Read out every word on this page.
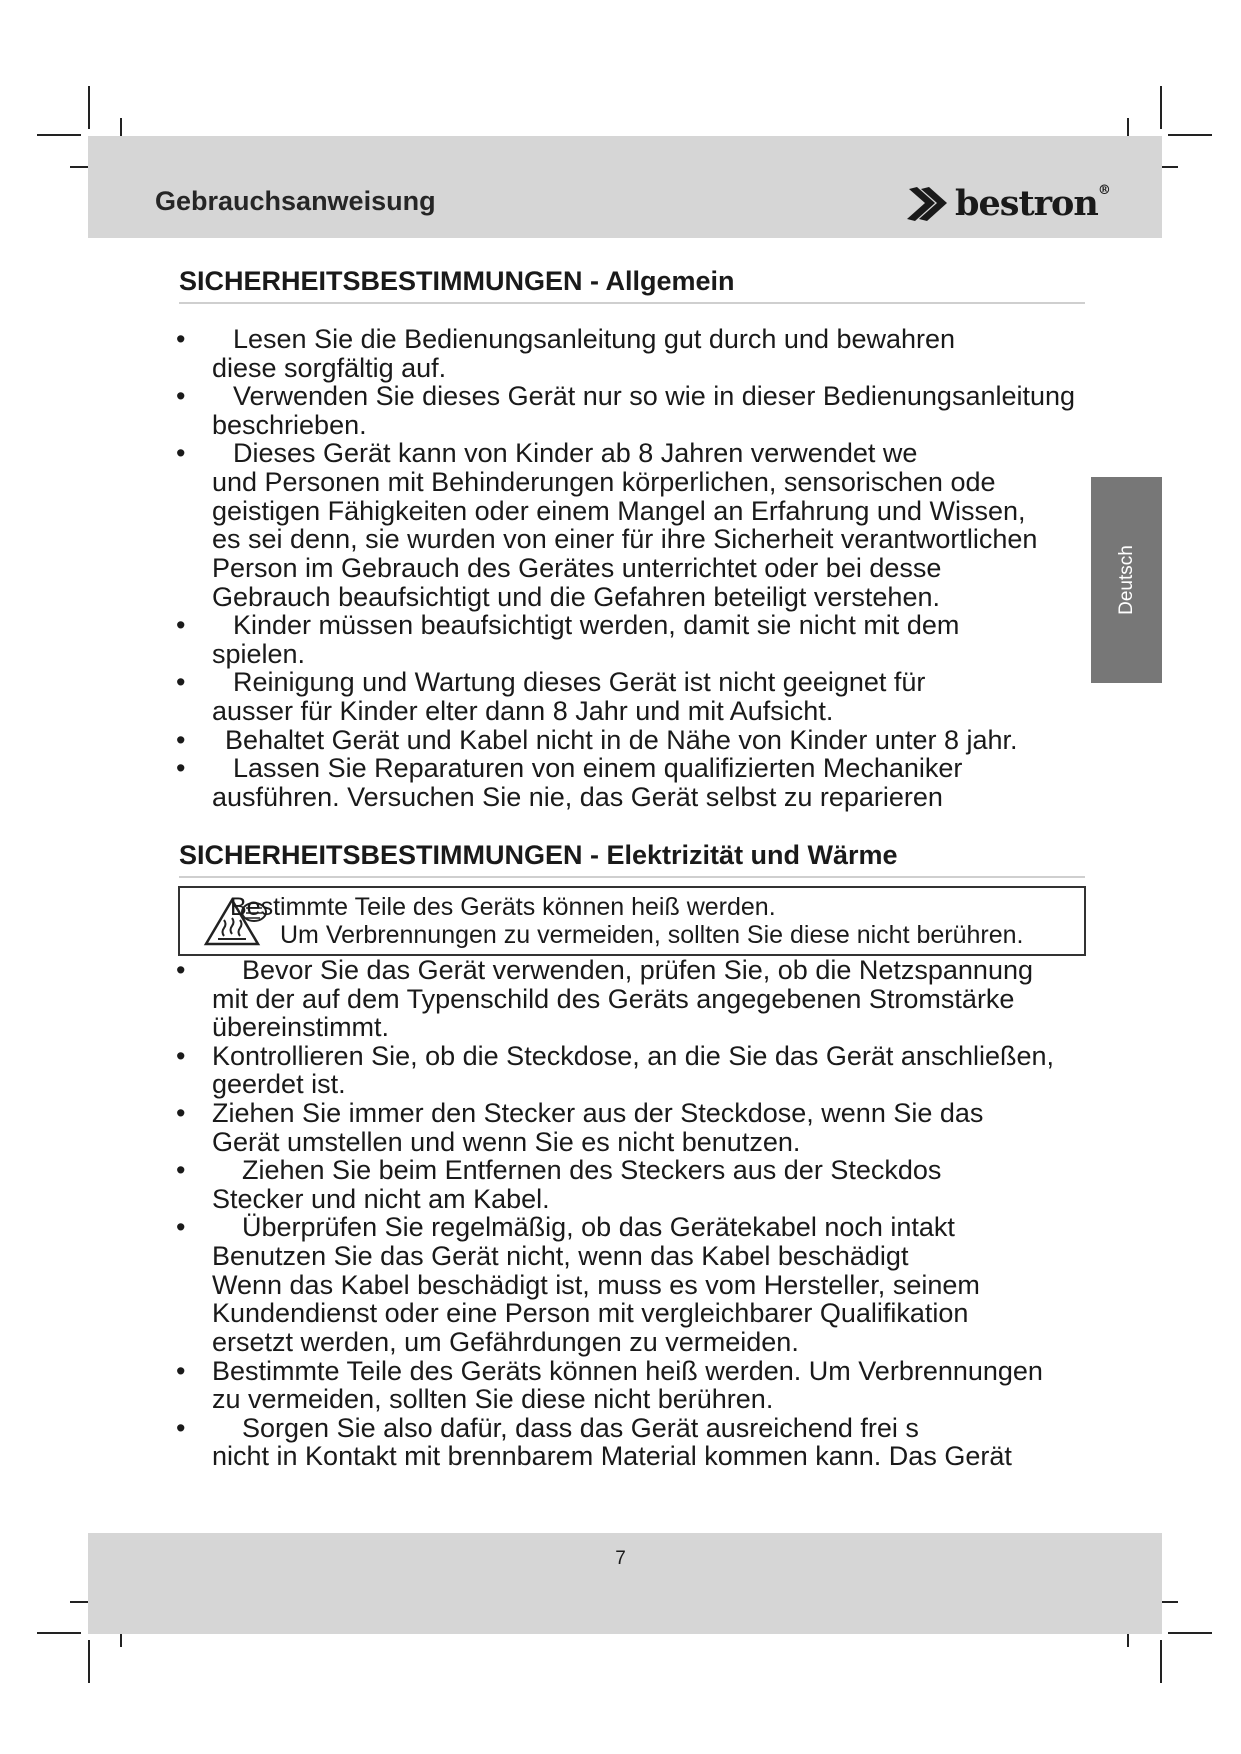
Gebrauchsanweisung	bestron®
Deutsch
SICHERHEITSBESTIMMUNGEN - Allgemein
• Lesen Sie die Bedienungsanleitung gut durch und bewahren
diese sorgfältig auf.
• Verwenden Sie dieses Gerät nur so wie in dieser Bedienungsanleitung
beschrieben.
• Dieses Gerät kann von Kinder ab 8 Jahren verwendet we
und Personen mit Behinderungen körperlichen, sensorischen ode
geistigen Fähigkeiten oder einem Mangel an Erfahrung und Wissen,
es sei denn, sie wurden von einer für ihre Sicherheit verantwortlichen
Person im Gebrauch des Gerätes unterrichtet oder bei desse
Gebrauch beaufsichtigt und die Gefahren beteiligt verstehen.
• Kinder müssen beaufsichtigt werden, damit sie nicht mit dem
spielen.
• Reinigung und Wartung dieses Gerät ist nicht geeignet für
ausser für Kinder elter dann 8 Jahr und mit Aufsicht.
• Behaltet Gerät und Kabel nicht in de Nähe von Kinder unter 8 jahr.
• Lassen Sie Reparaturen von einem qualifizierten Mechaniker
ausführen. Versuchen Sie nie, das Gerät selbst zu reparieren
SICHERHEITSBESTIMMUNGEN - Elektrizität und Wärme
Bestimmte Teile des Geräts können heiß werden.
Um Verbrennungen zu vermeiden, sollten Sie diese nicht berühren.
• Bevor Sie das Gerät verwenden, prüfen Sie, ob die Netzspannung
mit der auf dem Typenschild des Geräts angegebenen Stromstärke
übereinstimmt.
• Kontrollieren Sie, ob die Steckdose, an die Sie das Gerät anschließen,
geerdet ist.
• Ziehen Sie immer den Stecker aus der Steckdose, wenn Sie das
Gerät umstellen und wenn Sie es nicht benutzen.
• Ziehen Sie beim Entfernen des Steckers aus der Steckdos
Stecker und nicht am Kabel.
• Überprüfen Sie regelmäßig, ob das Gerätekabel noch intakt
Benutzen Sie das Gerät nicht, wenn das Kabel beschädigt
Wenn das Kabel beschädigt ist, muss es vom Hersteller, seinem
Kundendienst oder eine Person mit vergleichbarer Qualifikation
ersetzt werden, um Gefährdungen zu vermeiden.
• Bestimmte Teile des Geräts können heiß werden. Um Verbrennungen
zu vermeiden, sollten Sie diese nicht berühren.
• Sorgen Sie also dafür, dass das Gerät ausreichend frei s
nicht in Kontakt mit brennbarem Material kommen kann. Das Gerät
7
